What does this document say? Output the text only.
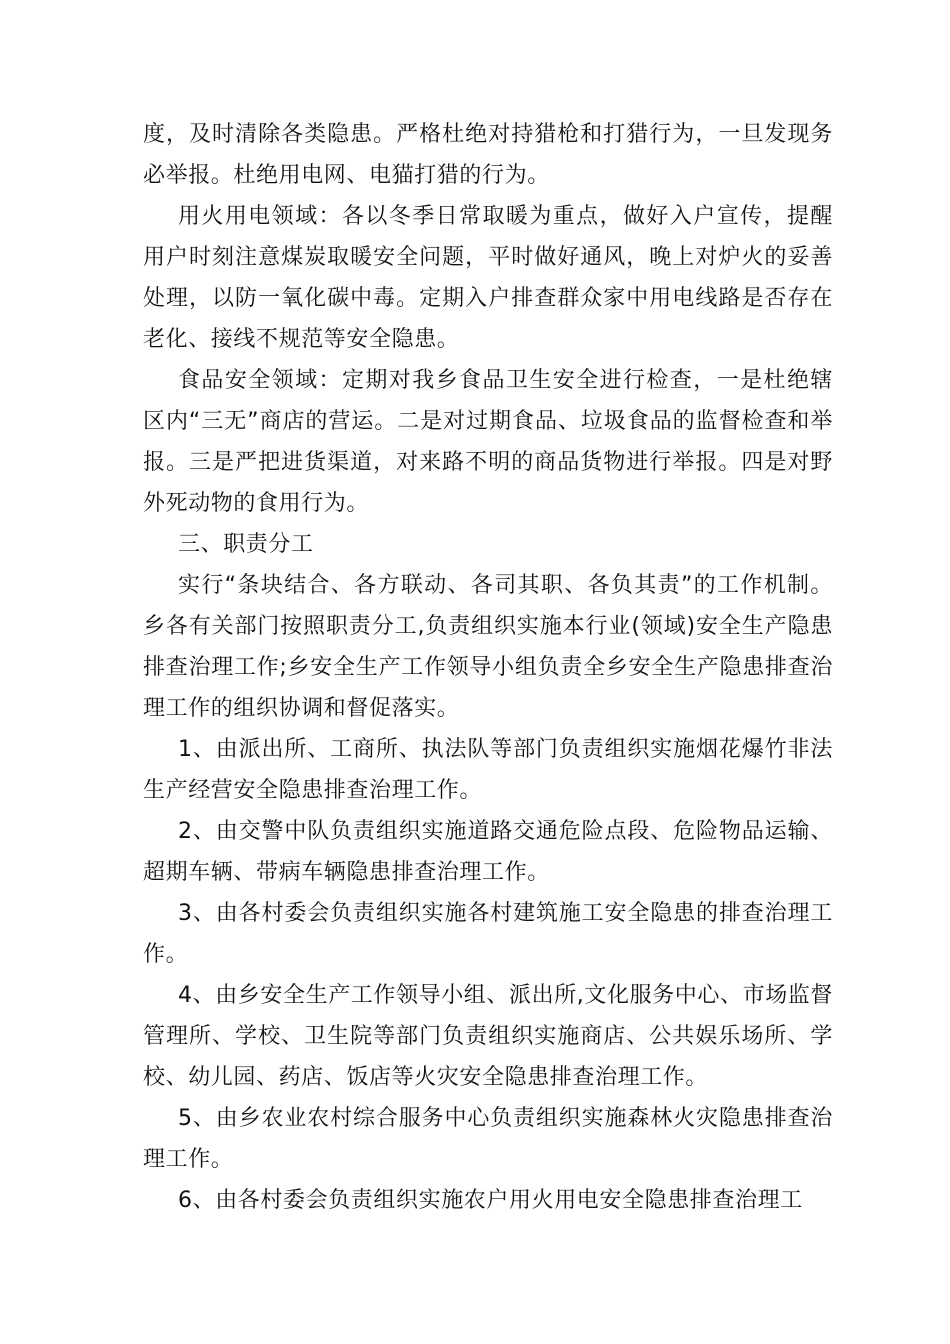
度，及时清除各类隐患。严格杜绝对持猎枪和打猎行为，一旦发现务必举报。杜绝用电网、电猫打猎的行为。

用火用电领域：各以冬季日常取暖为重点，做好入户宣传，提醒用户时刻注意煤炭取暖安全问题，平时做好通风，晚上对炉火的妥善处理，以防一氧化碳中毒。定期入户排查群众家中用电线路是否存在老化、接线不规范等安全隐患。

食品安全领域：定期对我乡食品卫生安全进行检查，一是杜绝辖区内“三无”商店的营运。二是对过期食品、垃圾食品的监督检查和举报。三是严把进货渠道，对来路不明的商品货物进行举报。四是对野外死动物的食用行为。

三、职责分工

实行“条块结合、各方联动、各司其职、各负其责”的工作机制。乡各有关部门按照职责分工,负责组织实施本行业(领域)安全生产隐患排查治理工作;乡安全生产工作领导小组负责全乡安全生产隐患排查治理工作的组织协调和督促落实。

1、由派出所、工商所、执法队等部门负责组织实施烟花爆竹非法生产经营安全隐患排查治理工作。

2、由交警中队负责组织实施道路交通危险点段、危险物品运输、超期车辆、带病车辆隐患排查治理工作。

3、由各村委会负责组织实施各村建筑施工安全隐患的排查治理工作。

4、由乡安全生产工作领导小组、派出所,文化服务中心、市场监督管理所、学校、卫生院等部门负责组织实施商店、公共娱乐场所、学校、幼儿园、药店、饭店等火灾安全隐患排查治理工作。

5、由乡农业农村综合服务中心负责组织实施森林火灾隐患排查治理工作。

6、由各村委会负责组织实施农户用火用电安全隐患排查治理工
